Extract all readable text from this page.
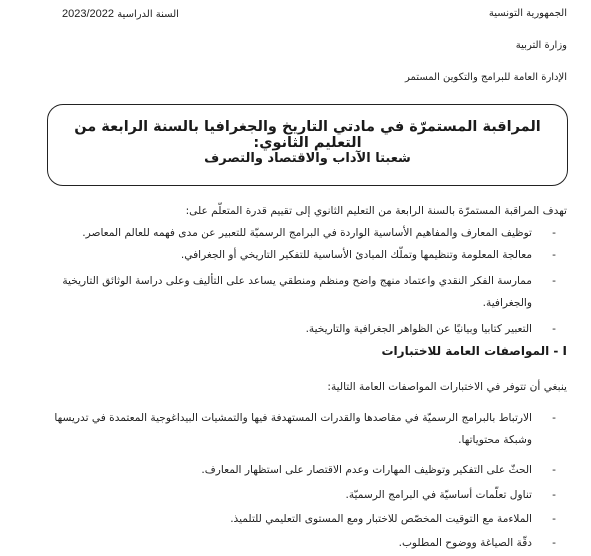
الجمهورية التونسية
السنة الدراسية 2023/2022
وزارة التربية
الإدارة العامة للبرامج والتكوين المستمر
المراقبة المستمرّة في مادتي التاريخ والجغرافيا بالسنة الرابعة من التعليم الثانوي:
شعبتا الآداب والاقتصاد والتصرف
تهدف المراقبة المستمرّة بالسنة الرابعة من التعليم الثانوي إلى تقييم قدرة المتعلّم على:
-
توظيف المعارف والمفاهيم الأساسية الواردة في البرامج الرسميّة للتعبير عن مدى فهمه للعالم المعاصر.
-
معالجة المعلومة وتنظيمها وتملّك المبادئ الأساسية للتفكير التاريخي أو الجغرافي.
-
ممارسة الفكر النقدي واعتماد منهج واضح ومنظم ومنطقي يساعد على التأليف وعلى دراسة الوثائق التاريخية والجغرافية.
-
التعبير كتابيا وبيانيًا عن الظواهر الجغرافية والتاريخية.
I - المواصفات العامة للاختبارات
ينبغي أن تتوفر في الاختبارات المواصفات العامة التالية:
-
الارتباط بالبرامج الرسميّة في مقاصدها والقدرات المستهدفة فيها والتمشيات البيداغوجية المعتمدة في تدريسها وشبكة محتوياتها.
-
الحثّ على التفكير وتوظيف المهارات وعدم الاقتصار على استظهار المعارف.
-
تناول تعلّمات أساسيّة في البرامج الرسميّة.
-
الملاءمة مع التوقيت المخصّص للاختبار ومع المستوى التعليمي للتلميذ.
-
دقّة الصياغة ووضوح المطلوب.
